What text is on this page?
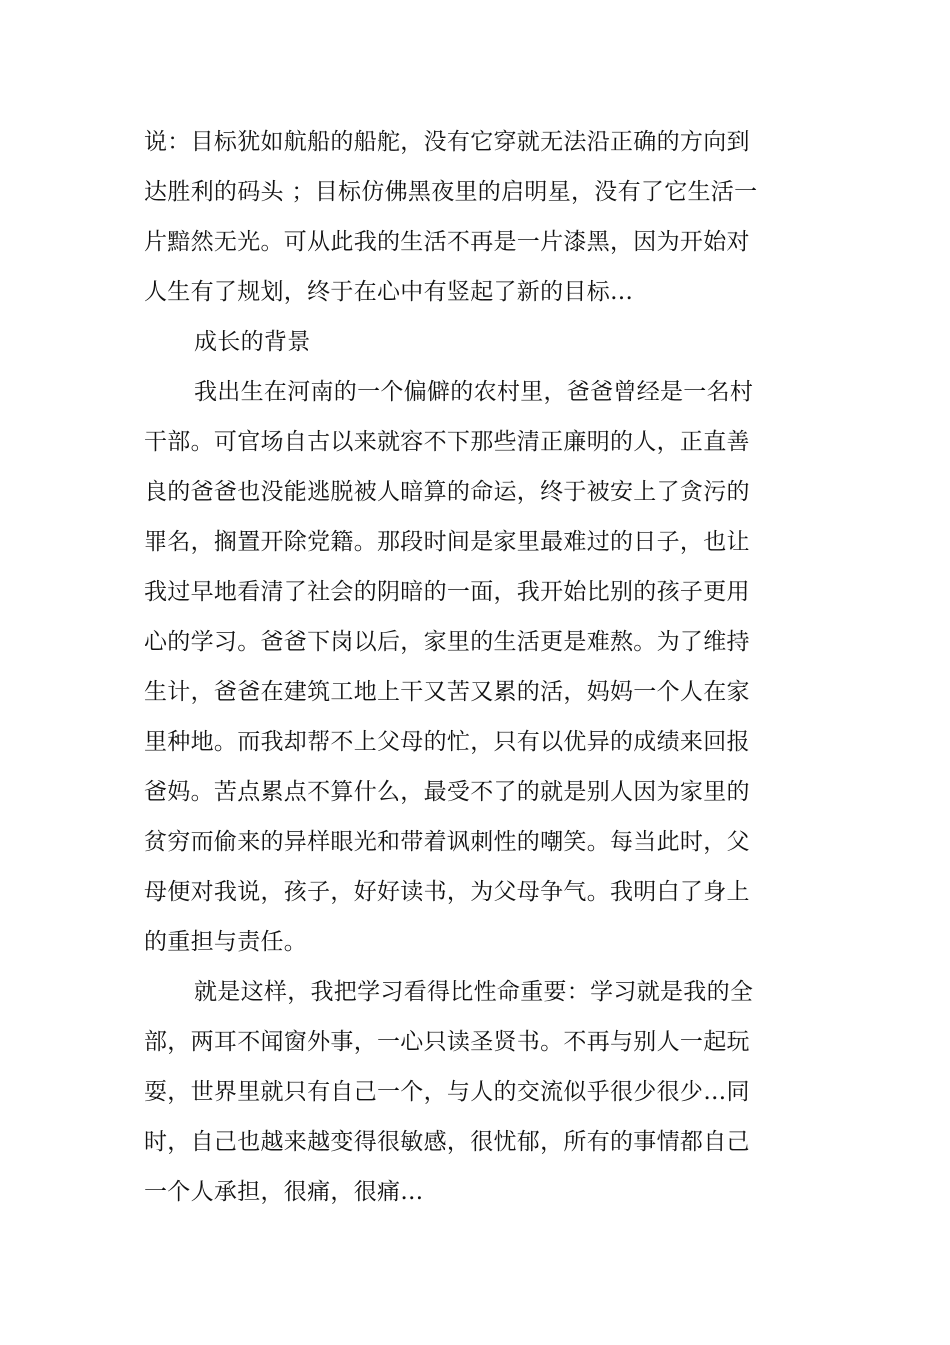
说：目标犹如航船的船舵，没有它穿就无法沿正确的方向到
达胜利的码头 ；目标仿佛黑夜里的启明星，没有了它生活一
片黯然无光。可从此我的生活不再是一片漆黑，因为开始对
人生有了规划，终于在心中有竖起了新的目标…
成长的背景
我出生在河南的一个偏僻的农村里，爸爸曾经是一名村
干部。可官场自古以来就容不下那些清正廉明的人，正直善
良的爸爸也没能逃脱被人暗算的命运，终于被安上了贪污的
罪名，搁置开除党籍。那段时间是家里最难过的日子，也让
我过早地看清了社会的阴暗的一面，我开始比别的孩子更用
心的学习。爸爸下岗以后，家里的生活更是难熬。为了维持
生计，爸爸在建筑工地上干又苦又累的活，妈妈一个人在家
里种地。而我却帮不上父母的忙，只有以优异的成绩来回报
爸妈。苦点累点不算什么，最受不了的就是别人因为家里的
贫穷而偷来的异样眼光和带着讽刺性的嘲笑。每当此时，父
母便对我说，孩子，好好读书，为父母争气。我明白了身上
的重担与责任。
就是这样，我把学习看得比性命重要：学习就是我的全
部，两耳不闻窗外事，一心只读圣贤书。不再与别人一起玩
耍，世界里就只有自己一个，与人的交流似乎很少很少…同
时，自己也越来越变得很敏感，很忧郁，所有的事情都自己
一个人承担，很痛，很痛…
